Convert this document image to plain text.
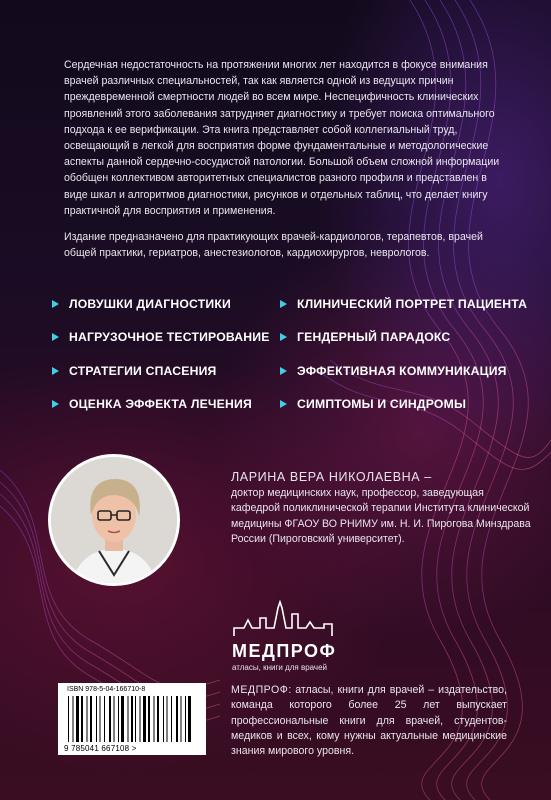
Сердечная недостаточность на протяжении многих лет находится в фокусе внимания врачей различных специальностей, так как является одной из ведущих причин преждевременной смертности людей во всем мире. Неспецифичность клинических проявлений этого заболевания затрудняет диагностику и требует поиска оптимального подхода к ее верификации. Эта книга представляет собой коллегиальный труд, освещающий в легкой для восприятия форме фундаментальные и методологические аспекты данной сердечно-сосудистой патологии. Большой объем сложной информации обобщен коллективом авторитетных специалистов разного профиля и представлен в виде шкал и алгоритмов диагностики, рисунков и отдельных таблиц, что делает книгу практичной для восприятия и применения.

Издание предназначено для практикующих врачей-кардиологов, терапевтов, врачей общей практики, гериатров, анестезиологов, кардиохирургов, неврологов.

ЛОВУШКИ ДИАГНОСТИКИ
НАГРУЗОЧНОЕ ТЕСТИРОВАНИЕ
СТРАТЕГИИ СПАСЕНИЯ
ОЦЕНКА ЭФФЕКТА ЛЕЧЕНИЯ
КЛИНИЧЕСКИЙ ПОРТРЕТ ПАЦИЕНТА
ГЕНДЕРНЫЙ ПАРАДОКС
ЭФФЕКТИВНАЯ КОММУНИКАЦИЯ
СИМПТОМЫ И СИНДРОМЫ
ЛАРИНА ВЕРА НИКОЛАЕВНА –
доктор медицинских наук, профессор, заведующая кафедрой поликлинической терапии Института клинической медицины ФГАОУ ВО РНИМУ им. Н. И. Пирогова Минздрава России (Пироговский университет).
МЕДПРОФ
атласы, книги для врачей
ISBN 978-5-04-166710-8
9 785041 667108 >
МЕДПРОФ: атласы, книги для врачей – издательство, команда которого более 25 лет выпускает профессиональные книги для врачей, студентов-медиков и всех, кому нужны актуальные медицинские знания мирового уровня.
